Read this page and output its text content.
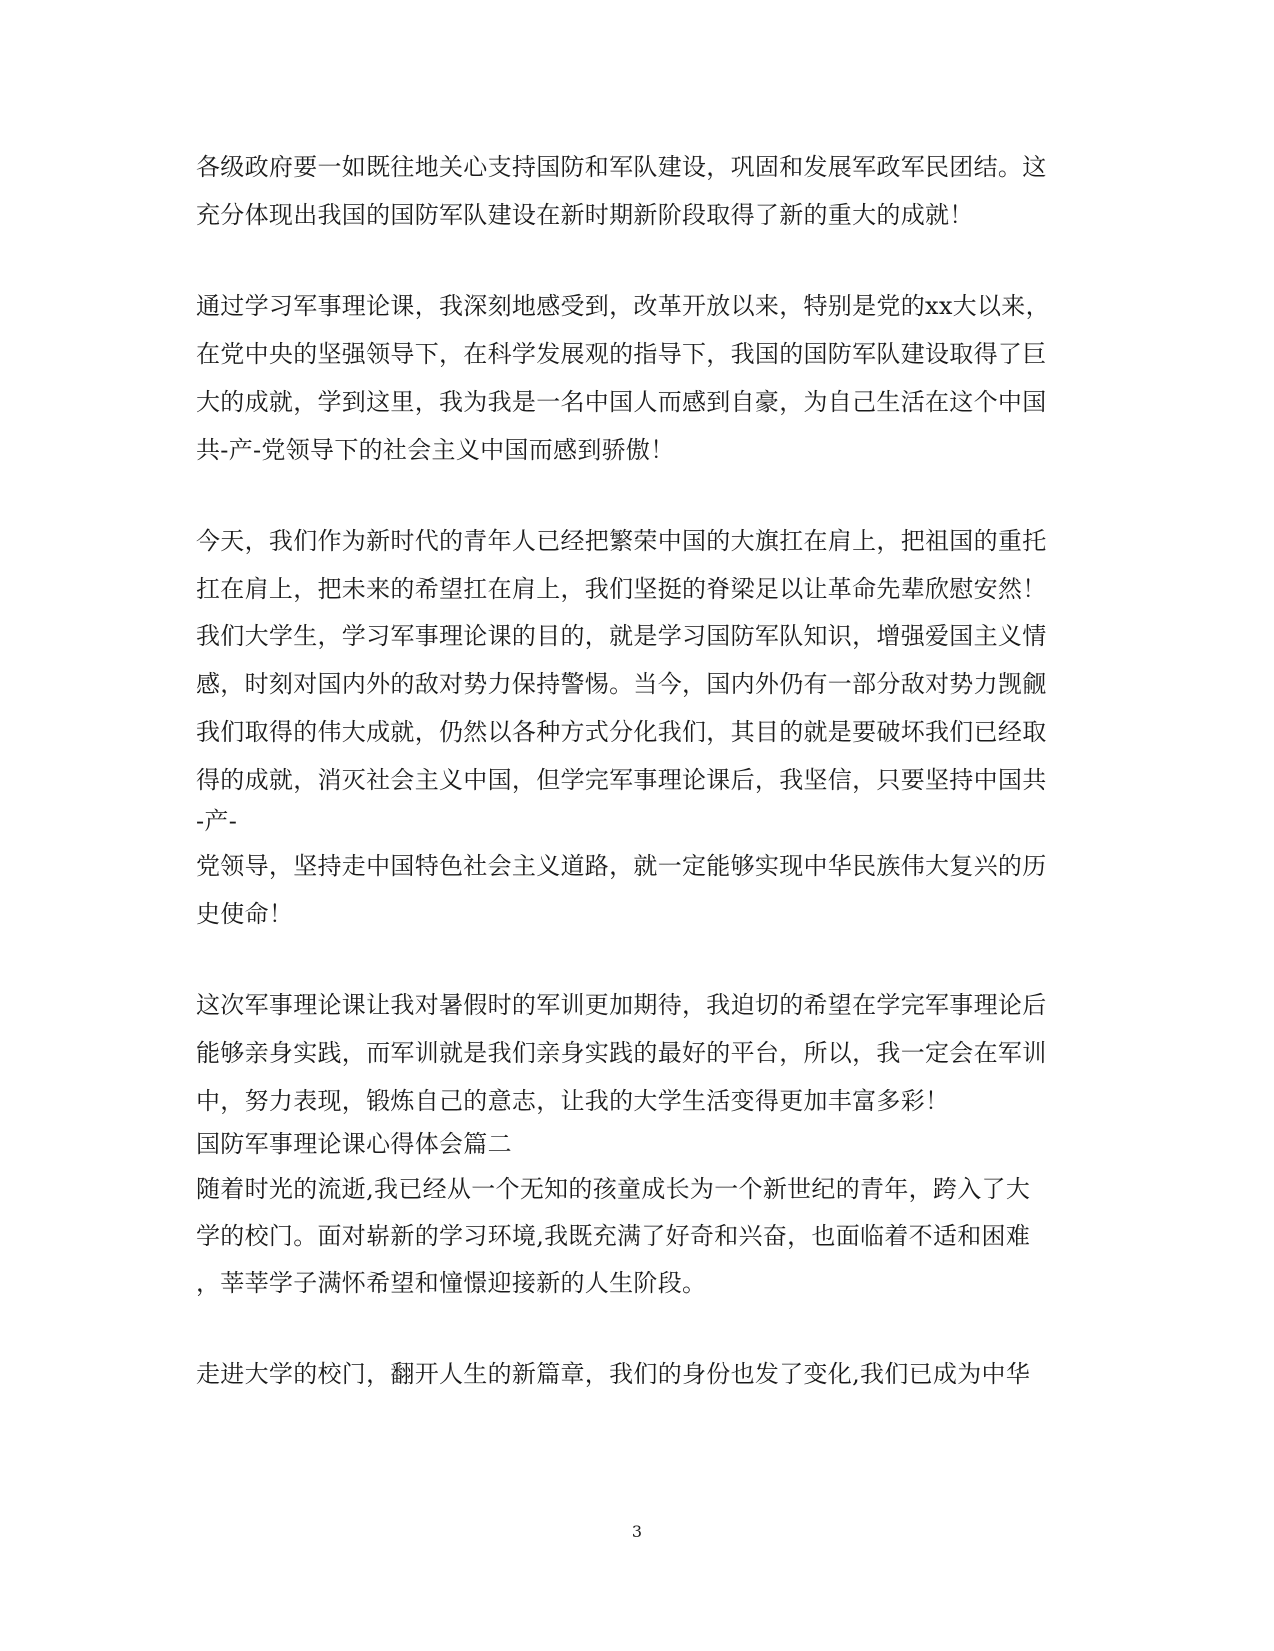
各级政府要一如既往地关心支持国防和军队建设，巩固和发展军政军民团结。这
充分体现出我国的国防军队建设在新时期新阶段取得了新的重大的成就！
通过学习军事理论课，我深刻地感受到，改革开放以来，特别是党的xx大以来，
在党中央的坚强领导下，在科学发展观的指导下，我国的国防军队建设取得了巨
大的成就，学到这里，我为我是一名中国人而感到自豪，为自己生活在这个中国
共-产-党领导下的社会主义中国而感到骄傲！
今天，我们作为新时代的青年人已经把繁荣中国的大旗扛在肩上，把祖国的重托
扛在肩上，把未来的希望扛在肩上，我们坚挺的脊梁足以让革命先辈欣慰安然！
我们大学生，学习军事理论课的目的，就是学习国防军队知识，增强爱国主义情
感，时刻对国内外的敌对势力保持警惕。当今，国内外仍有一部分敌对势力觊觎
我们取得的伟大成就，仍然以各种方式分化我们，其目的就是要破坏我们已经取
得的成就，消灭社会主义中国，但学完军事理论课后，我坚信，只要坚持中国共
-产-
党领导，坚持走中国特色社会主义道路，就一定能够实现中华民族伟大复兴的历
史使命！
这次军事理论课让我对暑假时的军训更加期待，我迫切的希望在学完军事理论后
能够亲身实践，而军训就是我们亲身实践的最好的平台，所以，我一定会在军训
中，努力表现，锻炼自己的意志，让我的大学生活变得更加丰富多彩！
国防军事理论课心得体会篇二
随着时光的流逝,我已经从一个无知的孩童成长为一个新世纪的青年，跨入了大
学的校门。面对崭新的学习环境,我既充满了好奇和兴奋，也面临着不适和困难
，莘莘学子满怀希望和憧憬迎接新的人生阶段。
走进大学的校门，翻开人生的新篇章，我们的身份也发了变化,我们已成为中华
3
